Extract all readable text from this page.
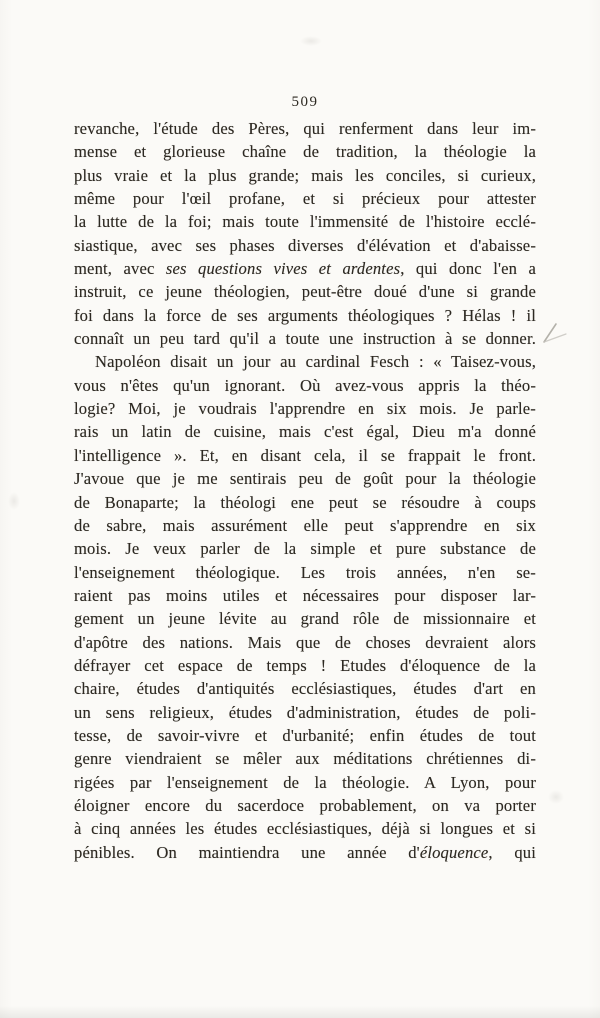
509
revanche, l'étude des Pères, qui renferment dans leur im-
mense et glorieuse chaîne de tradition, la théologie la
plus vraie et la plus grande; mais les conciles, si curieux,
même pour l'œil profane, et si précieux pour attester
la lutte de la foi; mais toute l'immensité de l'histoire ecclé-
siastique, avec ses phases diverses d'élévation et d'abaisse-
ment, avec ses questions vives et ardentes, qui donc l'en a
instruit, ce jeune théologien, peut-être doué d'une si grande
foi dans la force de ses arguments théologiques ? Hélas ! il
connaît un peu tard qu'il a toute une instruction à se donner.
Napoléon disait un jour au cardinal Fesch : « Taisez-vous,
vous n'êtes qu'un ignorant. Où avez-vous appris la théo-
logie? Moi, je voudrais l'apprendre en six mois. Je parle-
rais un latin de cuisine, mais c'est égal, Dieu m'a donné
l'intelligence ». Et, en disant cela, il se frappait le front.
J'avoue que je me sentirais peu de goût pour la théologie
de Bonaparte; la théologi ene peut se résoudre à coups
de sabre, mais assurément elle peut s'apprendre en six
mois. Je veux parler de la simple et pure substance de
l'enseignement théologique. Les trois années, n'en se-
raient pas moins utiles et nécessaires pour disposer lar-
gement un jeune lévite au grand rôle de missionnaire et
d'apôtre des nations. Mais que de choses devraient alors
défrayer cet espace de temps ! Etudes d'éloquence de la
chaire, études d'antiquités ecclésiastiques, études d'art en
un sens religieux, études d'administration, études de poli-
tesse, de savoir-vivre et d'urbanité; enfin études de tout
genre viendraient se mêler aux méditations chrétiennes di-
rigées par l'enseignement de la théologie. A Lyon, pour
éloigner encore du sacerdoce probablement, on va porter
à cinq années les études ecclésiastiques, déjà si longues et si
pénibles. On maintiendra une année d'éloquence, qui
